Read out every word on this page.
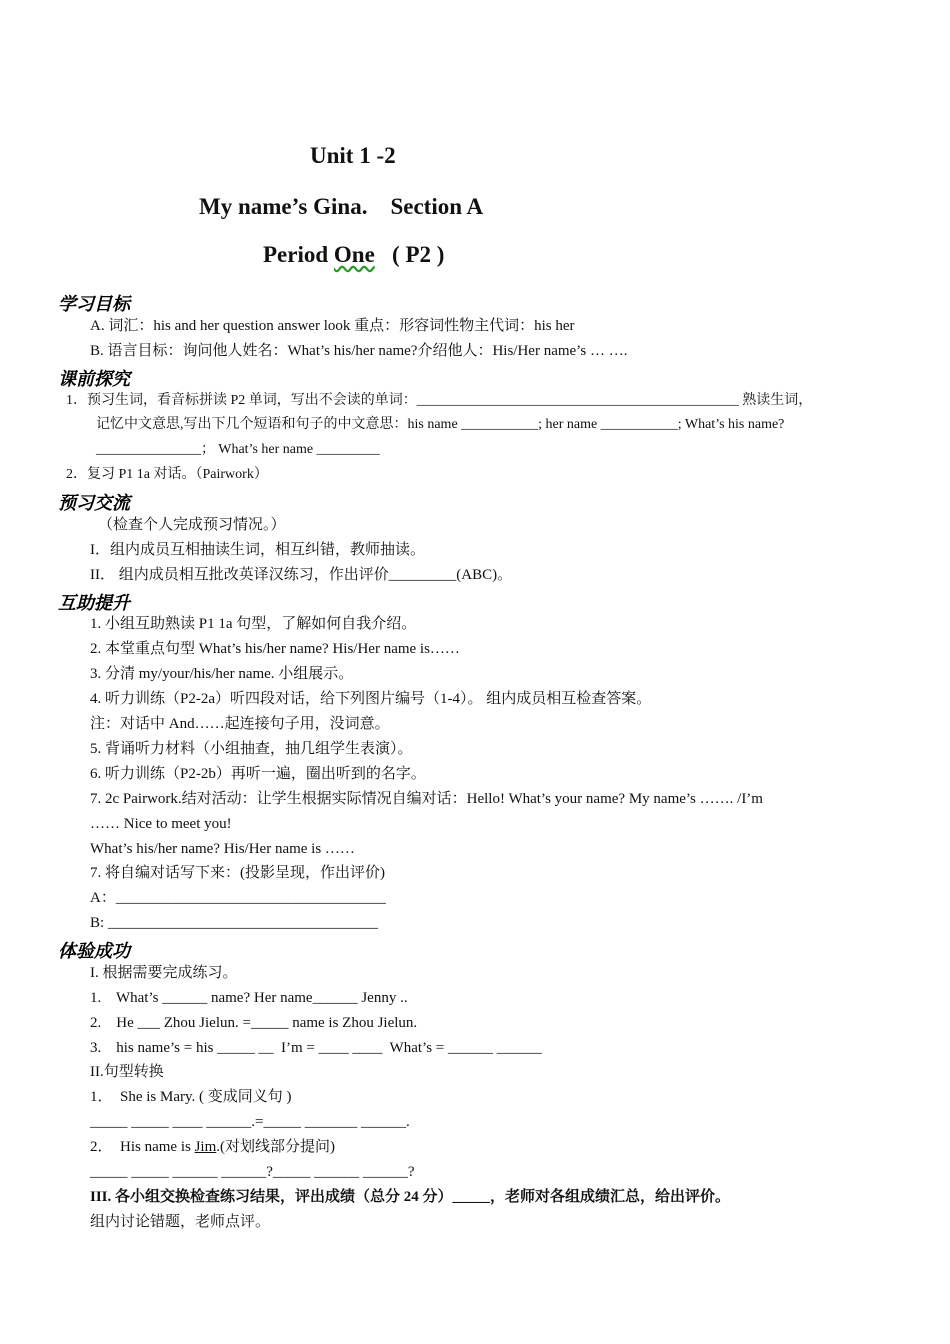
Unit 1 -2
My name’s Gina.    Section A
Period One   ( P2 )
学习目标
A. 词汇：his and her question answer look 重点：形容词性物主代词：his her
B. 语言目标：询问他人姓名：What’s his/her name?介绍他人：His/Her name’s … ….
课前探究
1．预习生词，看音标拼读 P2 单词，写出不会读的单词：______________________________________________ 熟读生词，
记忆中文意思,写出下几个短语和句子的中文意思：his name ___________; her name ___________; What’s his name?
_______________； What’s her name _________
2．复习 P1 1a 对话。（Pairwork）
预习交流
（检查个人完成预习情况。）
I．组内成员互相抽读生词，相互纠错，教师抽读。
II． 组内成员相互批改英译汉练习，作出评价_________(ABC)。
互助提升
1. 小组互助熟读 P1 1a 句型，了解如何自我介绍。
2. 本堂重点句型 What’s his/her name? His/Her name is……
3. 分清 my/your/his/her name. 小组展示。
4. 听力训练（P2-2a）听四段对话，给下列图片编号（1-4）。 组内成员相互检查答案。
注：对话中 And……起连接句子用，没词意。
5. 背诵听力材料（小组抽查，抽几组学生表演）。
6. 听力训练（P2-2b）再听一遍，圈出听到的名字。
7. 2c Pairwork.结对活动：让学生根据实际情况自编对话：Hello! What’s your name? My name’s ……. /I’m
…… Nice to meet you!
What’s his/her name? His/Her name is ……
7. 将自编对话写下来：(投影呈现，作出评价)
A：____________________________________
B: ____________________________________
体验成功
I. 根据需要完成练习。
1.    What’s ______ name? Her name______ Jenny ..
2.    He ___ Zhou Jielun. =_____ name is Zhou Jielun.
3.    his name’s = his _____ __  I’m = ____ ____  What’s = ______ ______
II.句型转换
1．  She is Mary. ( 变成同义句 )
_____ _____ ____ ______.=_____ _______ ______.
2．  His name is Jim.(对划线部分提问)
_____ _____ ______ ______?_____ ______ ______?
III. 各小组交换检查练习结果，评出成绩（总分 24 分）_____，老师对各组成绩汇总，给出评价。
组内讨论错题，老师点评。
